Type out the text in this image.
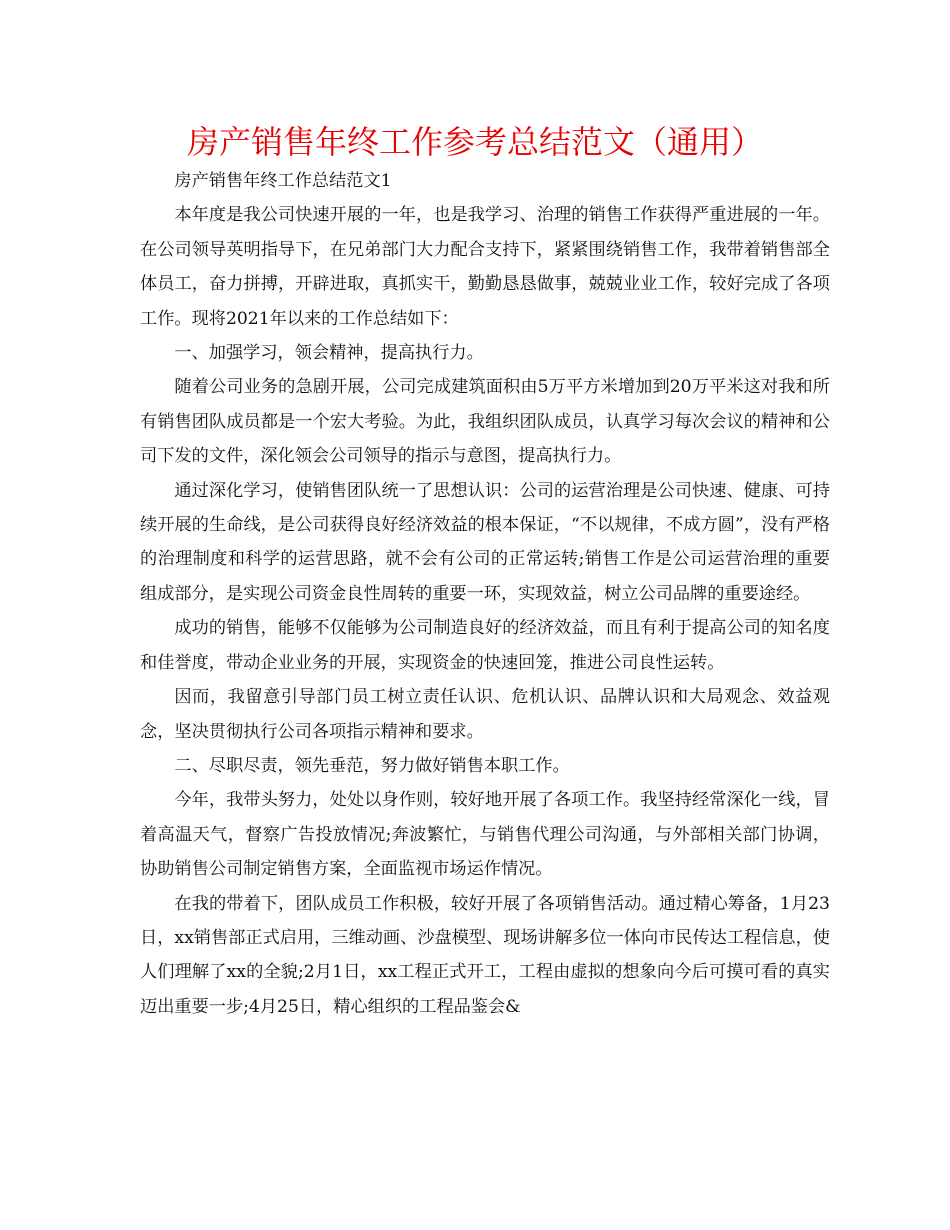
房产销售年终工作参考总结范文（通用）

房产销售年终工作总结范文1

本年度是我公司快速开展的一年，也是我学习、治理的销售工作获得严重进展的一年。在公司领导英明指导下，在兄弟部门大力配合支持下，紧紧围绕销售工作，我带着销售部全体员工，奋力拼搏，开辟进取，真抓实干，勤勤恳恳做事，兢兢业业工作，较好完成了各项工作。现将2021年以来的工作总结如下：

一、加强学习，领会精神，提高执行力。

随着公司业务的急剧开展，公司完成建筑面积由5万平方米增加到20万平米这对我和所有销售团队成员都是一个宏大考验。为此，我组织团队成员，认真学习每次会议的精神和公司下发的文件，深化领会公司领导的指示与意图，提高执行力。

通过深化学习，使销售团队统一了思想认识：公司的运营治理是公司快速、健康、可持续开展的生命线，是公司获得良好经济效益的根本保证，“不以规律，不成方圆”，没有严格的治理制度和科学的运营思路，就不会有公司的正常运转;销售工作是公司运营治理的重要组成部分，是实现公司资金良性周转的重要一环，实现效益，树立公司品牌的重要途经。

成功的销售，能够不仅能够为公司制造良好的经济效益，而且有利于提高公司的知名度和佳誉度，带动企业业务的开展，实现资金的快速回笼，推进公司良性运转。

因而，我留意引导部门员工树立责任认识、危机认识、品牌认识和大局观念、效益观念，坚决贯彻执行公司各项指示精神和要求。

二、尽职尽责，领先垂范，努力做好销售本职工作。

今年，我带头努力，处处以身作则，较好地开展了各项工作。我坚持经常深化一线，冒着高温天气，督察广告投放情况;奔波繁忙，与销售代理公司沟通，与外部相关部门协调，协助销售公司制定销售方案，全面监视市场运作情况。

在我的带着下，团队成员工作积极，较好开展了各项销售活动。通过精心筹备，1月23日，xx销售部正式启用，三维动画、沙盘模型、现场讲解多位一体向市民传达工程信息，使人们理解了xx的全貌;2月1日，xx工程正式开工，工程由虚拟的想象向今后可摸可看的真实迈出重要一步;4月25日，精心组织的工程品鉴会&
